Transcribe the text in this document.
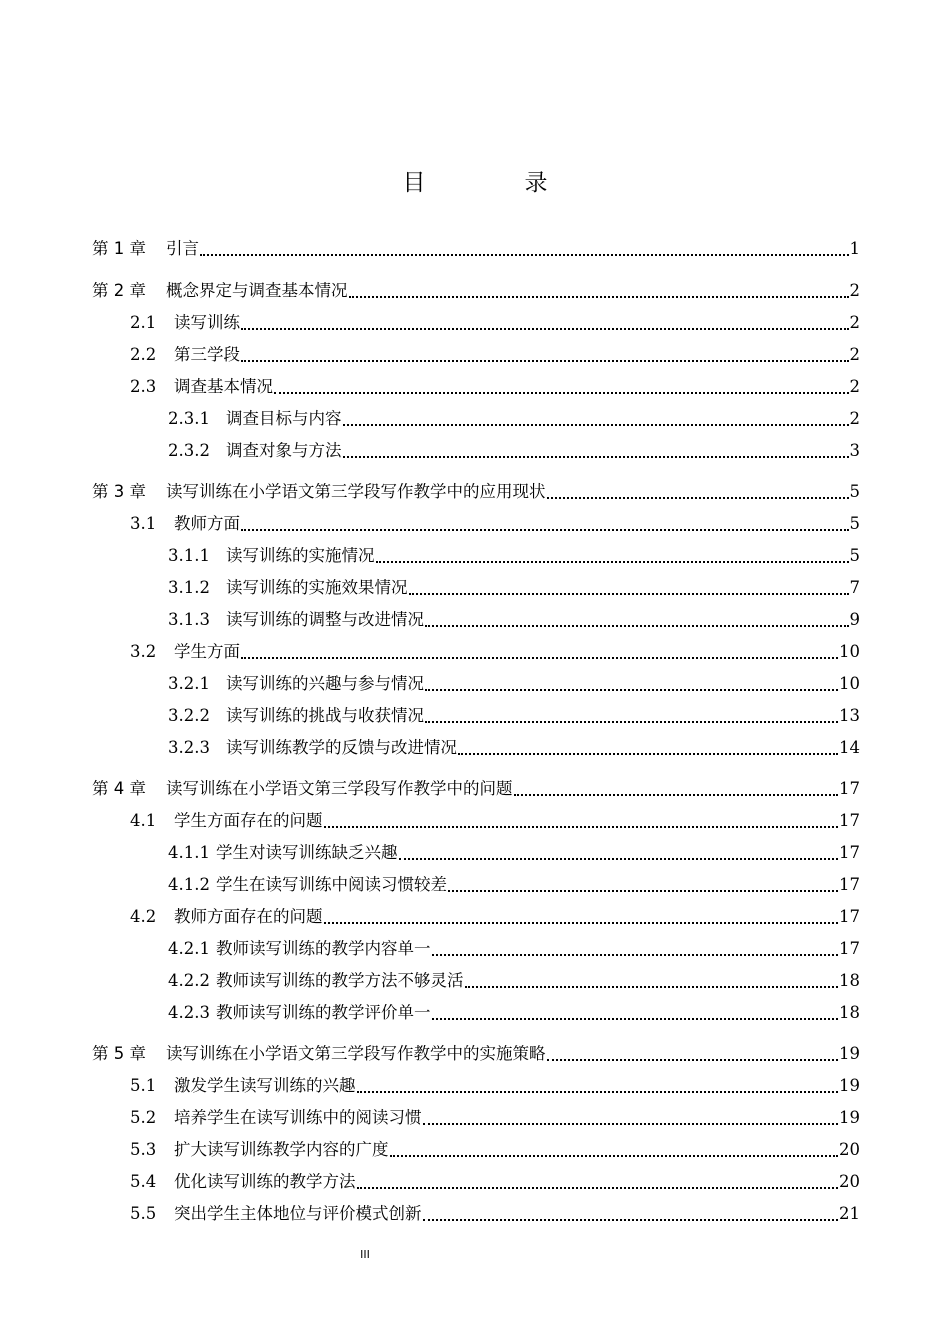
目　录
第 1 章	引言	1
第 2 章	概念界定与调查基本情况	2
2.1	读写训练	2
2.2	第三学段	2
2.3	调查基本情况	2
2.3.1 调查目标与内容	2
2.3.2 调查对象与方法	3
第 3 章	读写训练在小学语文第三学段写作教学中的应用现状	5
3.1	教师方面	5
3.1.1 读写训练的实施情况	5
3.1.2 读写训练的实施效果情况	7
3.1.3 读写训练的调整与改进情况	9
3.2	学生方面	10
3.2.1 读写训练的兴趣与参与情况	10
3.2.2 读写训练的挑战与收获情况	13
3.2.3 读写训练教学的反馈与改进情况	14
第 4 章	读写训练在小学语文第三学段写作教学中的问题	17
4.1	学生方面存在的问题	17
4.1.1 学生对读写训练缺乏兴趣	17
4.1.2 学生在读写训练中阅读习惯较差	17
4.2	教师方面存在的问题	17
4.2.1 教师读写训练的教学内容单一	17
4.2.2 教师读写训练的教学方法不够灵活	18
4.2.3 教师读写训练的教学评价单一	18
第 5 章	读写训练在小学语文第三学段写作教学中的实施策略	19
5.1	激发学生读写训练的兴趣	19
5.2	培养学生在读写训练中的阅读习惯	19
5.3	扩大读写训练教学内容的广度	20
5.4	优化读写训练的教学方法	20
5.5	突出学生主体地位与评价模式创新	21
III
